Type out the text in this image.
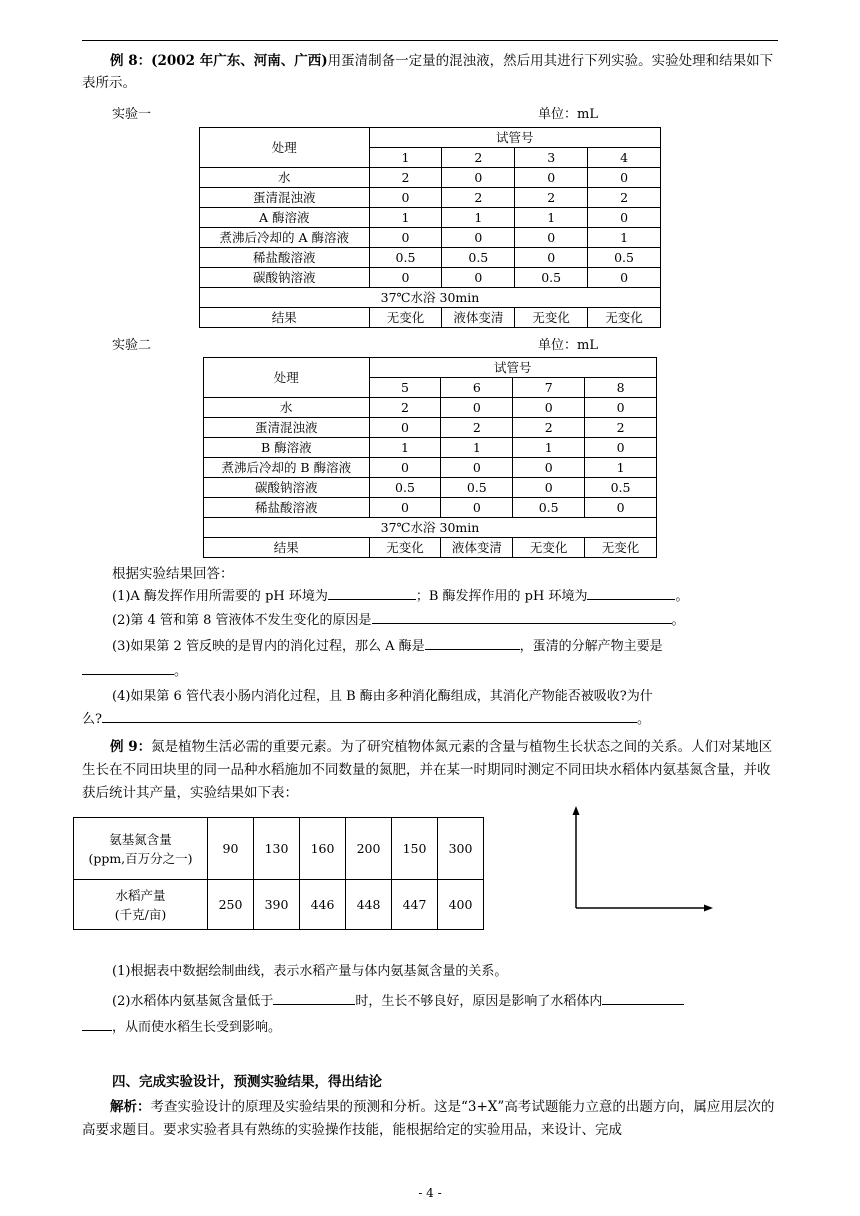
例 8：(2002 年广东、河南、广西)用蛋清制备一定量的混浊液，然后用其进行下列实验。实验处理和结果如下表所示。

实验一	单位：mL
处理	试管号			
	1	2	3	4
水	2	0	0	0
蛋清混浊液	0	2	2	2
A 酶溶液	1	1	1	0
煮沸后冷却的 A 酶溶液	0	0	0	1
稀盐酸溶液	0.5	0.5	0	0.5
碳酸钠溶液	0	0	0.5	0
37℃水浴 30min				
结果	无变化	液体变清	无变化	无变化
实验二	单位：mL
处理	试管号			
	5	6	7	8
水	2	0	0	0
蛋清混浊液	0	2	2	2
B 酶溶液	1	1	1	0
煮沸后冷却的 B 酶溶液	0	0	0	1
碳酸钠溶液	0.5	0.5	0	0.5
稀盐酸溶液	0	0	0.5	0
37℃水浴 30min				
结果	无变化	液体变清	无变化	无变化

根据实验结果回答：

(1)A 酶发挥作用所需要的 pH 环境为	；B 酶发挥作用的 pH 环境为	。

(2)第 4 管和第 8 管液体不发生变化的原因是	。

(3)如果第 2 管反映的是胃内的消化过程，那么 A 酶是	，蛋清的分解产物主要是

。

(4)如果第 6 管代表小肠内消化过程，且 B 酶由多种消化酶组成，其消化产物能否被吸收?为什

么?	。

例 9：氮是植物生活必需的重要元素。为了研究植物体氮元素的含量与植物生长状态之间的关系。人们对某地区生长在不同田块里的同一品种水稻施加不同数量的氮肥，并在某一时期同时测定不同田块水稻体内氨基氮含量，并收获后统计其产量，实验结果如下表：

氨基氮含量
(ppm,百万分之一)	90	130	160	200	150	300
水稻产量
(千克/亩)	250	390	446	448	447	400

(1)根据表中数据绘制曲线，表示水稻产量与体内氨基氮含量的关系。

(2)水稻体内氨基氮含量低于	时，生长不够良好，原因是影响了水稻体内

，从而使水稻生长受到影响。

四、完成实验设计，预测实验结果，得出结论

解析：考查实验设计的原理及实验结果的预测和分析。这是“3+X”高考试题能力立意的出题方向，属应用层次的高要求题目。要求实验者具有熟练的实验操作技能，能根据给定的实验用品，来设计、完成

- 4 -
